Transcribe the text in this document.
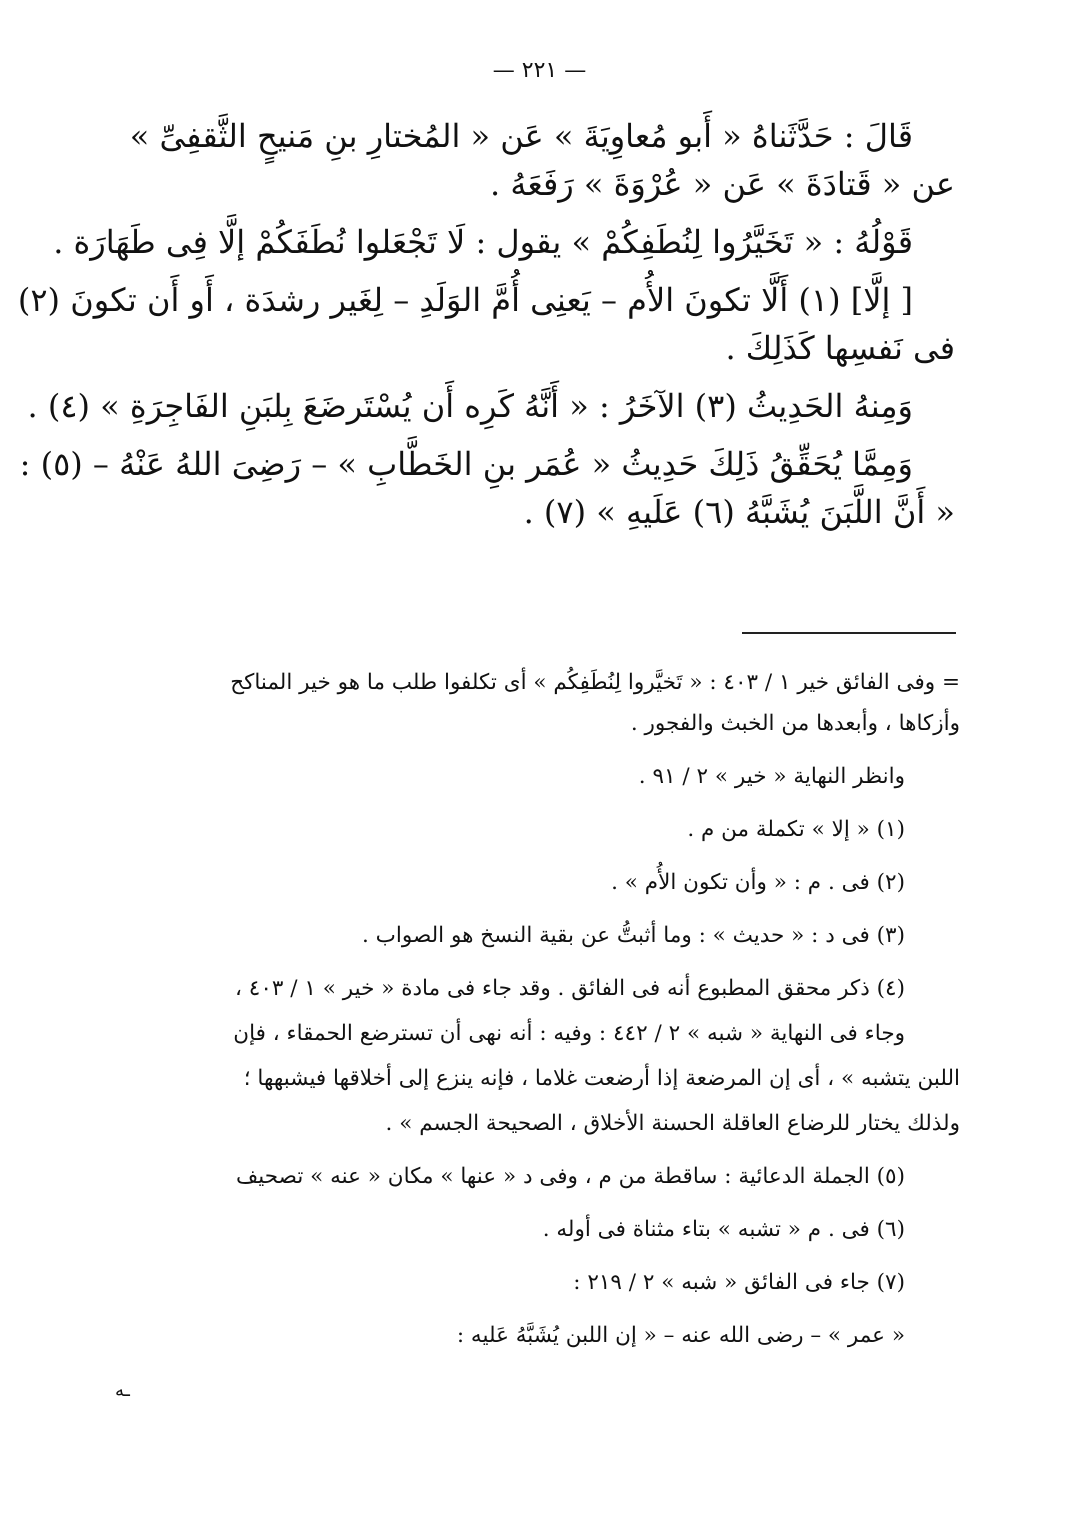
— ٢٢١ —

قَالَ : حَدَّثَناهُ « أَبو مُعاوِيَةَ » عَن « المُختارِ بنِ مَنيحٍ الثَّقفِىِّ »

عن « قَتادَةَ » عَن « عُرْوَةَ » رَفَعَهُ .

قَوْلُهُ : « تَخَيَّرُوا لِنُطَفِكُمْ » يقول : لَا تَجْعَلوا نُطَفَكُمْ إلَّا فِى طَهَارَة .

[ إلَّا] (١) أَلَّا تكونَ الأُم – يَعنِى أُمَّ الوَلَدِ – لِغَير رشدَة ، أَو أَن تكونَ (٢)

فى نَفسِها كَذَلِكَ .

وَمِنهُ الحَدِيثُ (٣) الآخَرُ : « أَنَّهُ كَرِه أَن يُسْتَرضَعَ بِلبَنِ الفَاجِرَةِ » (٤) .

وَمِمَّا يُحَقِّقُ ذَلِكَ حَدِيثُ « عُمَر بنِ الخَطَّابِ » – رَضِىَ اللهُ عَنْهُ – (٥) :

« أَنَّ اللَّبَنَ يُشَبَّهُ (٦) عَلَيهِ » (٧) .

= وفى الفائق خير ١ / ٤٠٣ : « تَخيَّروا لِنُطَفِكُم » أى تكلفوا طلب ما هو خير المناكح

وأزكاها ، وأبعدها من الخبث والفجور .

وانظر النهاية « خير » ٢ / ٩١ .

(١) « إلا » تكملة من م .

(٢) فى . م : « وأن تكون الأُم » .

(٣) فى د : « حديث » : وما أثبتُّ عن بقية النسخ هو الصواب .

(٤) ذكر محقق المطبوع أنه فى الفائق . وقد جاء فى مادة « خير » ١ / ٤٠٣ ،

وجاء فى النهاية « شبه » ٢ / ٤٤٢ : وفيه : أنه نهى أن تسترضع الحمقاء ، فإن

اللبن يتشبه » ، أى إن المرضعة إذا أرضعت غلاما ، فإنه ينزع إلى أخلاقها فيشبهها ؛

ولذلك يختار للرضاع العاقلة الحسنة الأخلاق ، الصحيحة الجسم » .

(٥) الجملة الدعائية : ساقطة من م ، وفى د « عنها » مكان « عنه » تصحيف

(٦) فى . م « تشبه » بتاء مثناة فى أوله .

(٧) جاء فى الفائق « شبه » ٢ / ٢١٩ :

« عمر » – رضى الله عنه – « إن اللبن يُشَبَّهُ عَليه :

ـه
